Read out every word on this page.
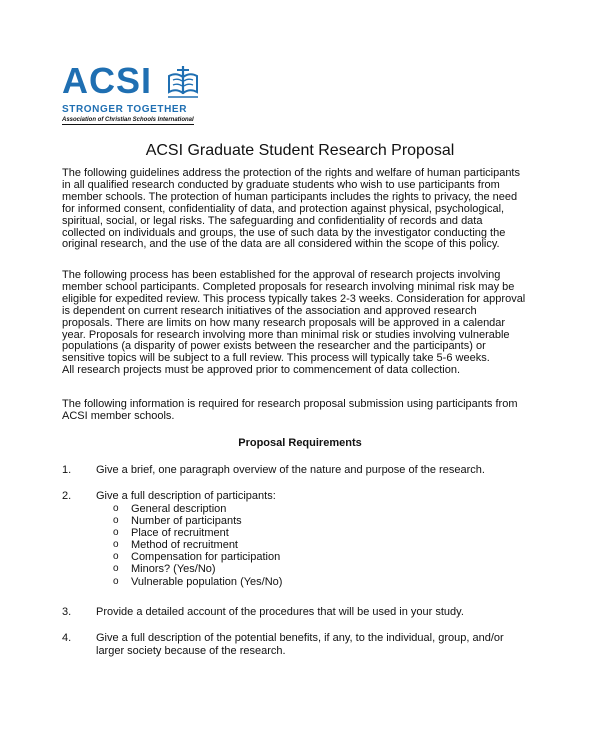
ACSI
STRONGER TOGETHER
Association of Christian Schools International
ACSI Graduate Student Research Proposal
The following guidelines address the protection of the rights and welfare of human participants
in all qualified research conducted by graduate students who wish to use participants from
member schools. The protection of human participants includes the rights to privacy, the need
for informed consent, confidentiality of data, and protection against physical, psychological,
spiritual, social, or legal risks. The safeguarding and confidentiality of records and data
collected on individuals and groups, the use of such data by the investigator conducting the
original research, and the use of the data are all considered within the scope of this policy.
The following process has been established for the approval of research projects involving
member school participants. Completed proposals for research involving minimal risk may be
eligible for expedited review. This process typically takes 2-3 weeks. Consideration for approval
is dependent on current research initiatives of the association and approved research
proposals. There are limits on how many research proposals will be approved in a calendar
year. Proposals for research involving more than minimal risk or studies involving vulnerable
populations (a disparity of power exists between the researcher and the participants) or
sensitive topics will be subject to a full review. This process will typically take 5-6 weeks.
All research projects must be approved prior to commencement of data collection.
The following information is required for research proposal submission using participants from
ACSI member schools.
Proposal Requirements
1. Give a brief, one paragraph overview of the nature and purpose of the research.
2. Give a full description of participants:
o General description
o Number of participants
o Place of recruitment
o Method of recruitment
o Compensation for participation
o Minors? (Yes/No)
o Vulnerable population (Yes/No)
3. Provide a detailed account of the procedures that will be used in your study.
4. Give a full description of the potential benefits, if any, to the individual, group, and/or
larger society because of the research.
